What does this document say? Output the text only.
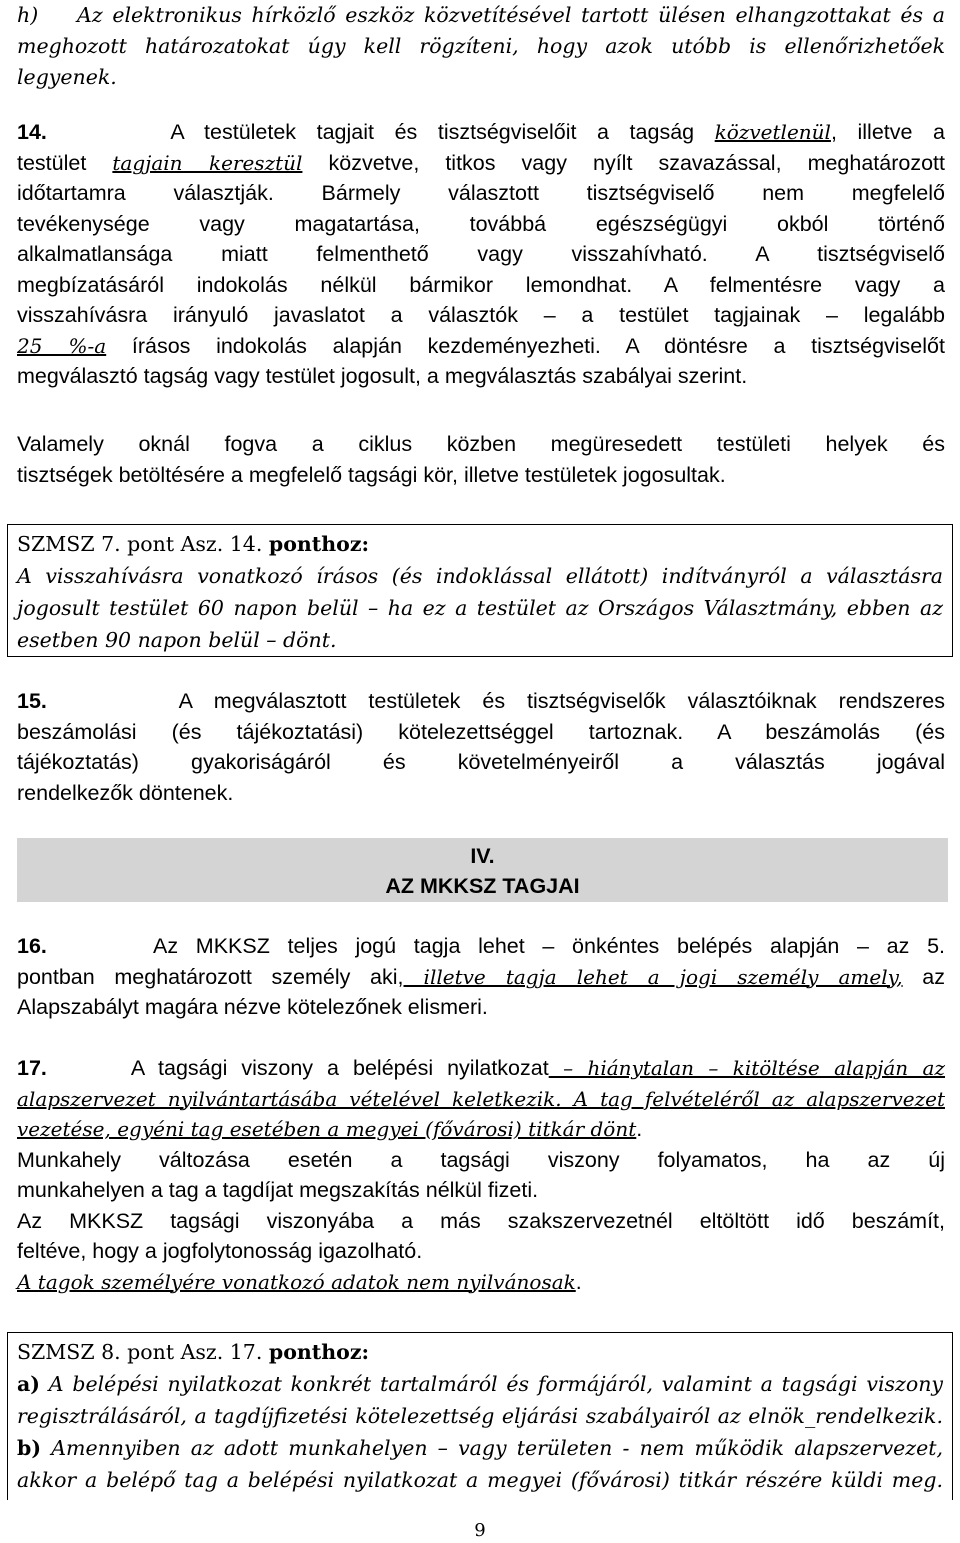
h)    Az elektronikus hírközlő eszköz közvetítésével tartott ülésen elhangzottakat és a
meghozott határozatokat úgy kell rögzíteni, hogy azok utóbb is ellenőrizhetőek
legyenek.
14.	A testületek tagjait és tisztségviselőit a tagság közvetlenül, illetve a
testület tagjain keresztül közvetve, titkos vagy nyílt szavazással, meghatározott
időtartamra választják. Bármely választott tisztségviselő nem megfelelő
tevékenysége vagy magatartása, továbbá egészségügyi okból történő
alkalmatlansága miatt felmenthető vagy visszahívható. A tisztségviselő
megbízatásáról indokolás nélkül bármikor lemondhat. A felmentésre vagy a
visszahívásra irányuló javaslatot a választók – a testület tagjainak – legalább
25 %-a írásos indokolás alapján kezdeményezheti. A döntésre a tisztségviselőt
megválasztó tagság vagy testület jogosult, a megválasztás szabályai szerint.
Valamely oknál fogva a ciklus közben megüresedett testületi helyek és
tisztségek betöltésére a megfelelő tagsági kör, illetve testületek jogosultak.
SZMSZ 7. pont Asz. 14. ponthoz:
A visszahívásra vonatkozó írásos (és indoklással ellátott) indítványról a választásra
jogosult testület 60 napon belül – ha ez a testület az Országos Választmány, ebben az
esetben 90 napon belül – dönt.
15.	A megválasztott testületek és tisztségviselők választóiknak rendszeres
beszámolási (és tájékoztatási) kötelezettséggel tartoznak. A beszámolás (és
tájékoztatás) gyakoriságáról és követelményeiről a választás jogával
rendelkezők döntenek.
IV.
AZ MKKSZ TAGJAI
16.	Az MKKSZ teljes jogú tagja lehet – önkéntes belépés alapján – az 5.
pontban meghatározott személy aki, illetve tagja lehet a jogi személy amely, az
Alapszabályt magára nézve kötelezőnek elismeri.
17.	A tagsági viszony a belépési nyilatkozat – hiánytalan – kitöltése alapján az
alapszervezet nyilvántartásába vételével keletkezik. A tag felvételéről az alapszervezet
vezetése, egyéni tag esetében a megyei (fővárosi) titkár dönt.
Munkahely változása esetén a tagsági viszony folyamatos, ha az új
munkahelyen a tag a tagdíjat megszakítás nélkül fizeti.
Az MKKSZ tagsági viszonyába a más szakszervezetnél eltöltött idő beszámít,
feltéve, hogy a jogfolytonosság igazolható.
A tagok személyére vonatkozó adatok nem nyilvánosak.
SZMSZ 8. pont Asz. 17. ponthoz:
a) A belépési nyilatkozat konkrét tartalmáról és formájáról, valamint a tagsági viszony
regisztrálásáról, a tagdíjfizetési kötelezettség eljárási szabályairól az elnök_rendelkezik.
b) Amennyiben az adott munkahelyen – vagy területen - nem működik alapszervezet,
akkor a belépő tag a belépési nyilatkozat a megyei (fővárosi) titkár részére küldi meg.
9
